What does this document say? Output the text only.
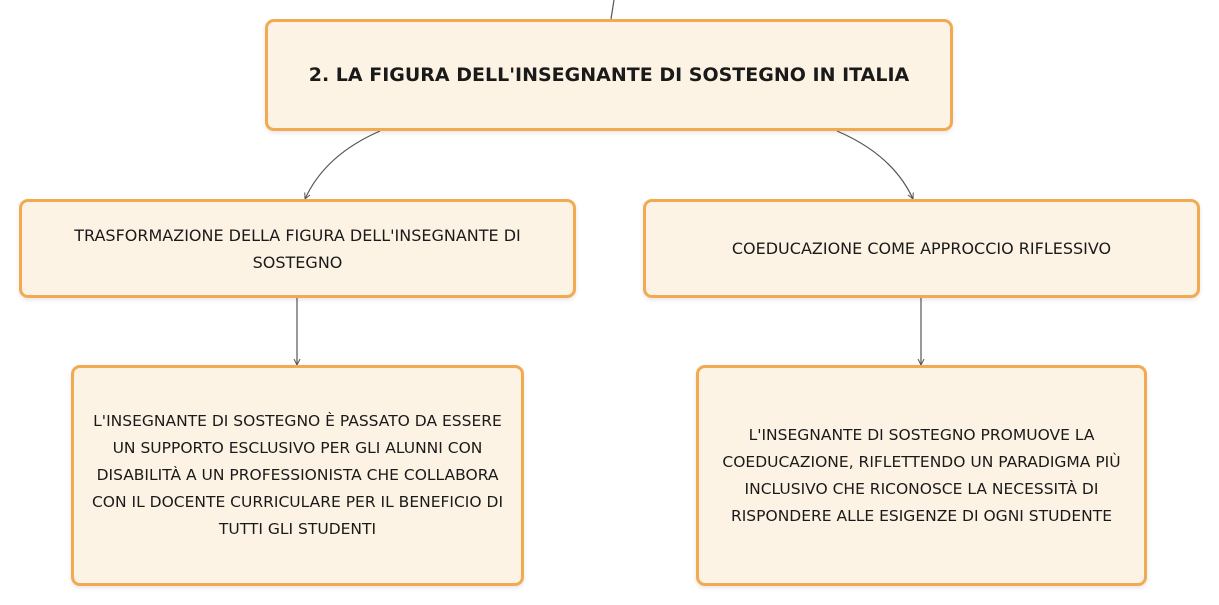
2. LA FIGURA DELL'INSEGNANTE DI SOSTEGNO IN ITALIA
TRASFORMAZIONE DELLA FIGURA DELL'INSEGNANTE DI SOSTEGNO
COEDUCAZIONE COME APPROCCIO RIFLESSIVO
L'INSEGNANTE DI SOSTEGNO È PASSATO DA ESSERE UN SUPPORTO ESCLUSIVO PER GLI ALUNNI CON DISABILITÀ A UN PROFESSIONISTA CHE COLLABORA CON IL DOCENTE CURRICULARE PER IL BENEFICIO DI TUTTI GLI STUDENTI
L'INSEGNANTE DI SOSTEGNO PROMUOVE LA COEDUCAZIONE, RIFLETTENDO UN PARADIGMA PIÙ INCLUSIVO CHE RICONOSCE LA NECESSITÀ DI RISPONDERE ALLE ESIGENZE DI OGNI STUDENTE
